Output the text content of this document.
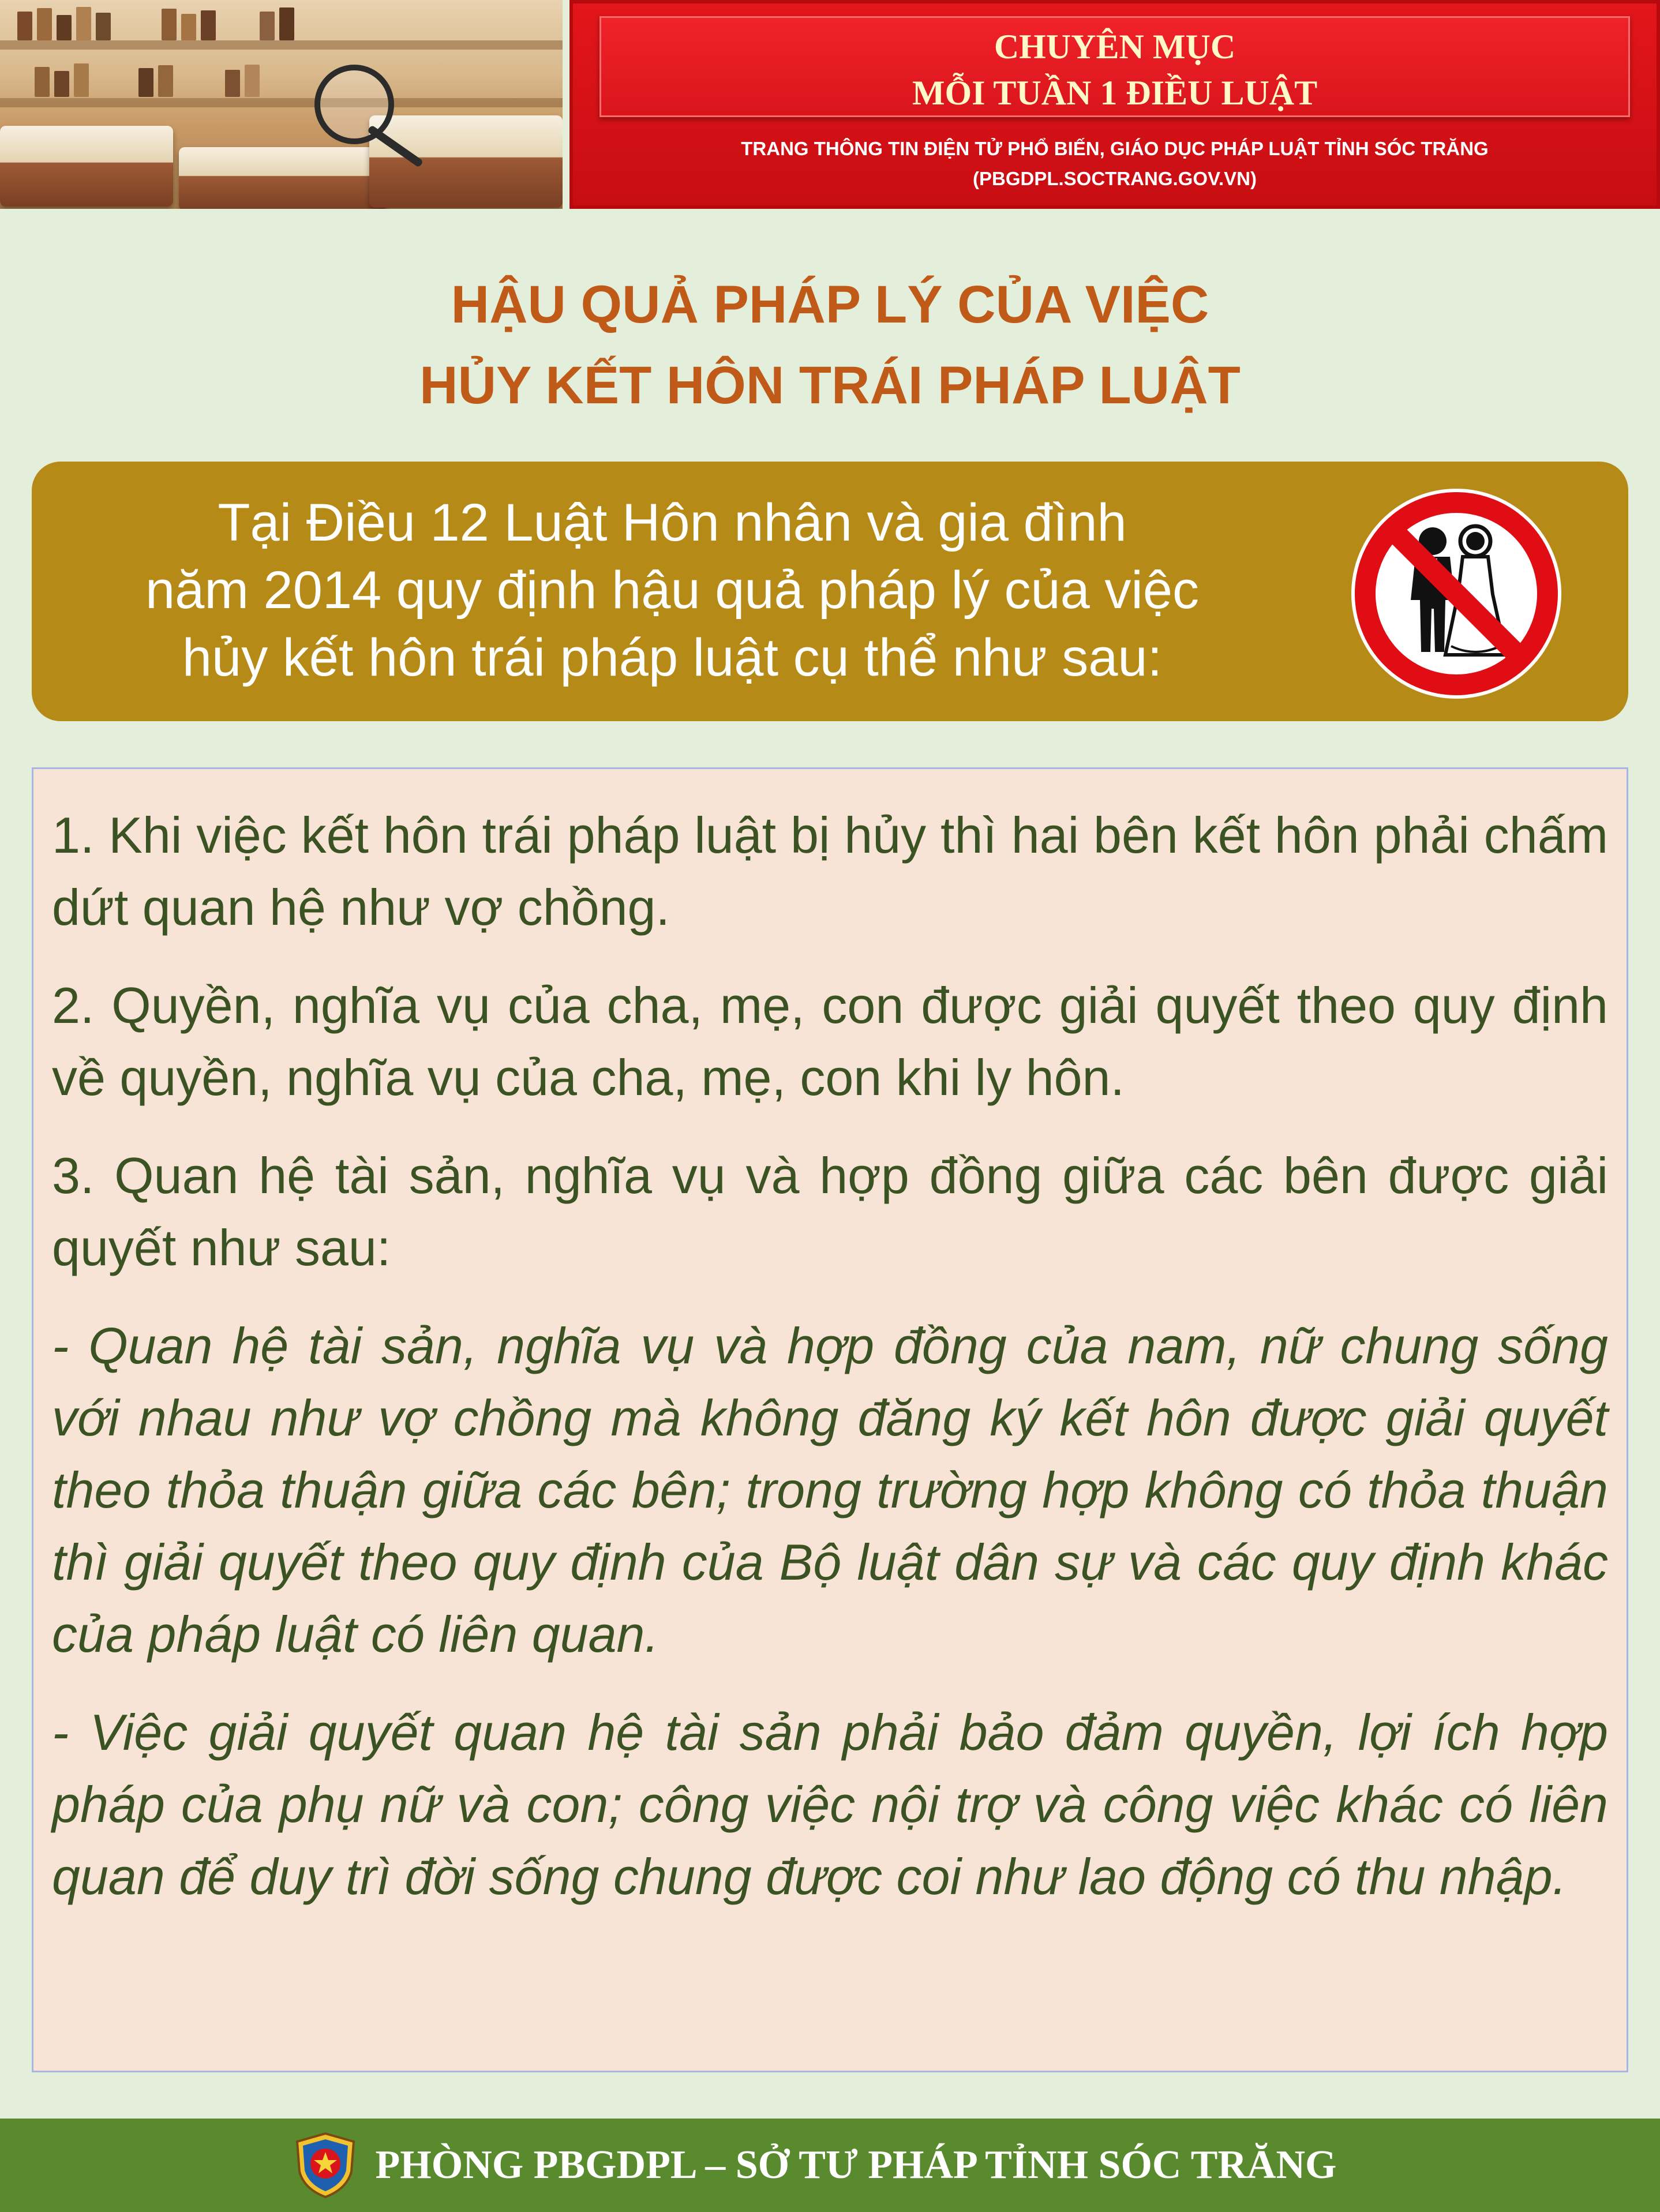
CHUYÊN MỤC
MỖI TUẦN 1 ĐIỀU LUẬT
TRANG THÔNG TIN ĐIỆN TỬ PHỔ BIẾN, GIÁO DỤC PHÁP LUẬT TỈNH SÓC TRĂNG
(PBGDPL.SOCTRANG.GOV.VN)
HẬU QUẢ PHÁP LÝ CỦA VIỆC
HỦY KẾT HÔN TRÁI PHÁP LUẬT
Tại Điều 12 Luật Hôn nhân và gia đình
năm 2014 quy định hậu quả pháp lý của việc
hủy kết hôn trái pháp luật cụ thể như sau:

1. Khi việc kết hôn trái pháp luật bị hủy thì hai bên kết hôn phải chấm dứt quan hệ như vợ chồng.

2. Quyền, nghĩa vụ của cha, mẹ, con được giải quyết theo quy định về quyền, nghĩa vụ của cha, mẹ, con khi ly hôn.

3. Quan hệ tài sản, nghĩa vụ và hợp đồng giữa các bên được giải quyết như sau:

- Quan hệ tài sản, nghĩa vụ và hợp đồng của nam, nữ chung sống với nhau như vợ chồng mà không đăng ký kết hôn được giải quyết theo thỏa thuận giữa các bên; trong trường hợp không có thỏa thuận thì giải quyết theo quy định của Bộ luật dân sự và các quy định khác của pháp luật có liên quan.

- Việc giải quyết quan hệ tài sản phải bảo đảm quyền, lợi ích hợp pháp của phụ nữ và con; công việc nội trợ và công việc khác có liên quan để duy trì đời sống chung được coi như lao động có thu nhập.

PHÒNG PBGDPL – SỞ TƯ PHÁP TỈNH SÓC TRĂNG
